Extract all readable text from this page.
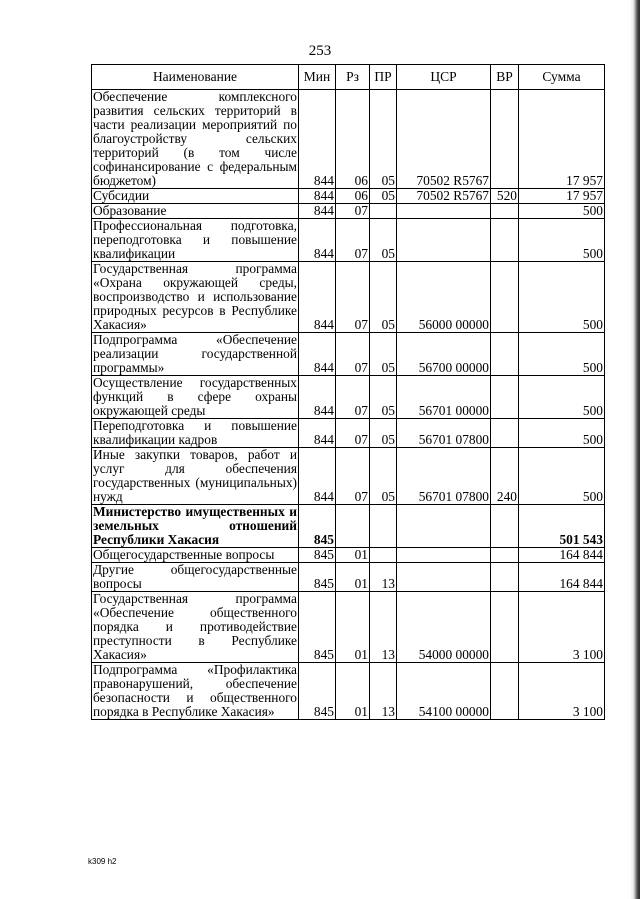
253
Наименование	Мин	Рз	ПР	ЦСР	ВР	Сумма
Обеспечение комплексного развития сельских территорий в части реализации мероприятий по благоустройству сельских территорий (в том числе софинансирование с федеральным бюджетом)	844	06	05	70502 R5767		17 957
Субсидии	844	06	05	70502 R5767	520	17 957
Образование	844	07				500
Профессиональная подготовка, переподготовка и повышение квалификации	844	07	05			500
Государственная программа «Охрана окружающей среды, воспроизводство и использование природных ресурсов в Республике Хакасия»	844	07	05	56000 00000		500
Подпрограмма «Обеспечение реализации государственной программы»	844	07	05	56700 00000		500
Осуществление государственных функций в сфере охраны окружающей среды	844	07	05	56701 00000		500
Переподготовка и повышение квалификации кадров	844	07	05	56701 07800		500
Иные закупки товаров, работ и услуг для обеспечения государственных (муниципальных) нужд	844	07	05	56701 07800	240	500
Министерство имущественных и земельных отношений Республики Хакасия	845					501 543
Общегосударственные вопросы	845	01				164 844
Другие общегосударственные вопросы	845	01	13			164 844
Государственная программа «Обеспечение общественного порядка и противодействие преступности в Республике Хакасия»	845	01	13	54000 00000		3 100
Подпрограмма «Профилактика правонарушений, обеспечение безопасности и общественного порядка в Республике Хакасия»	845	01	13	54100 00000		3 100
k309 h2
